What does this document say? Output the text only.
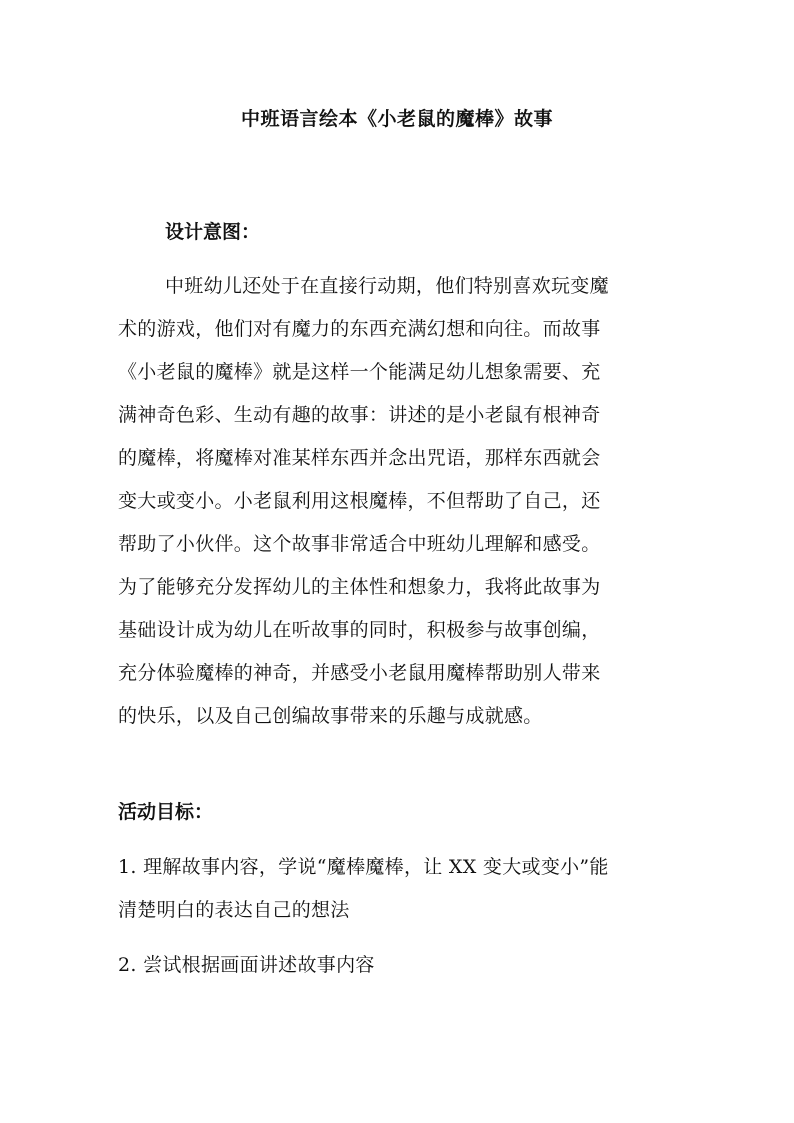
中班语言绘本《小老鼠的魔棒》故事
设计意图：
中班幼儿还处于在直接行动期，他们特别喜欢玩变魔
术的游戏，他们对有魔力的东西充满幻想和向往。而故事
《小老鼠的魔棒》就是这样一个能满足幼儿想象需要、充
满神奇色彩、生动有趣的故事：讲述的是小老鼠有根神奇
的魔棒，将魔棒对准某样东西并念出咒语，那样东西就会
变大或变小。小老鼠利用这根魔棒，不但帮助了自己，还
帮助了小伙伴。这个故事非常适合中班幼儿理解和感受。
为了能够充分发挥幼儿的主体性和想象力，我将此故事为
基础设计成为幼儿在听故事的同时，积极参与故事创编，
充分体验魔棒的神奇，并感受小老鼠用魔棒帮助别人带来
的快乐，以及自己创编故事带来的乐趣与成就感。
活动目标：
1. 理解故事内容，学说“魔棒魔棒，让 XX 变大或变小”能
清楚明白的表达自己的想法
2. 尝试根据画面讲述故事内容
